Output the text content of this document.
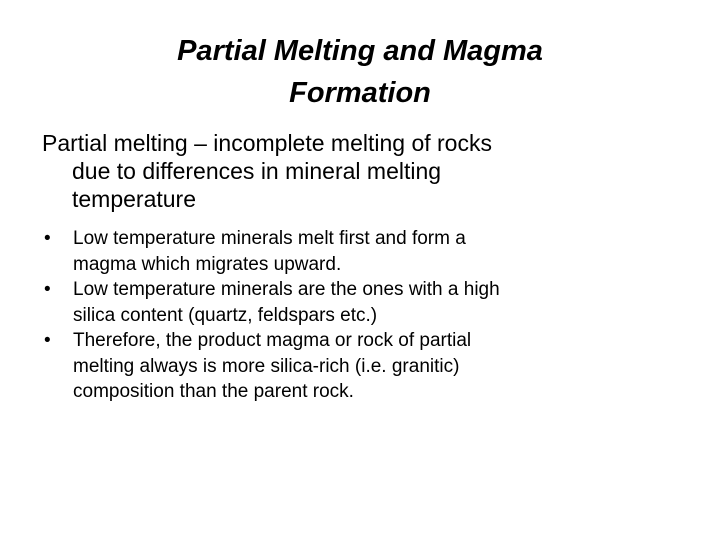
Partial Melting and Magma
Formation

Partial melting – incomplete melting of rocks
due to differences in mineral melting
temperature

• Low temperature minerals melt first and form a
magma which migrates upward.
• Low temperature minerals are the ones with a high
silica content (quartz, feldspars etc.)
• Therefore, the product magma or rock of partial
melting always is more silica-rich (i.e. granitic)
composition than the parent rock.
